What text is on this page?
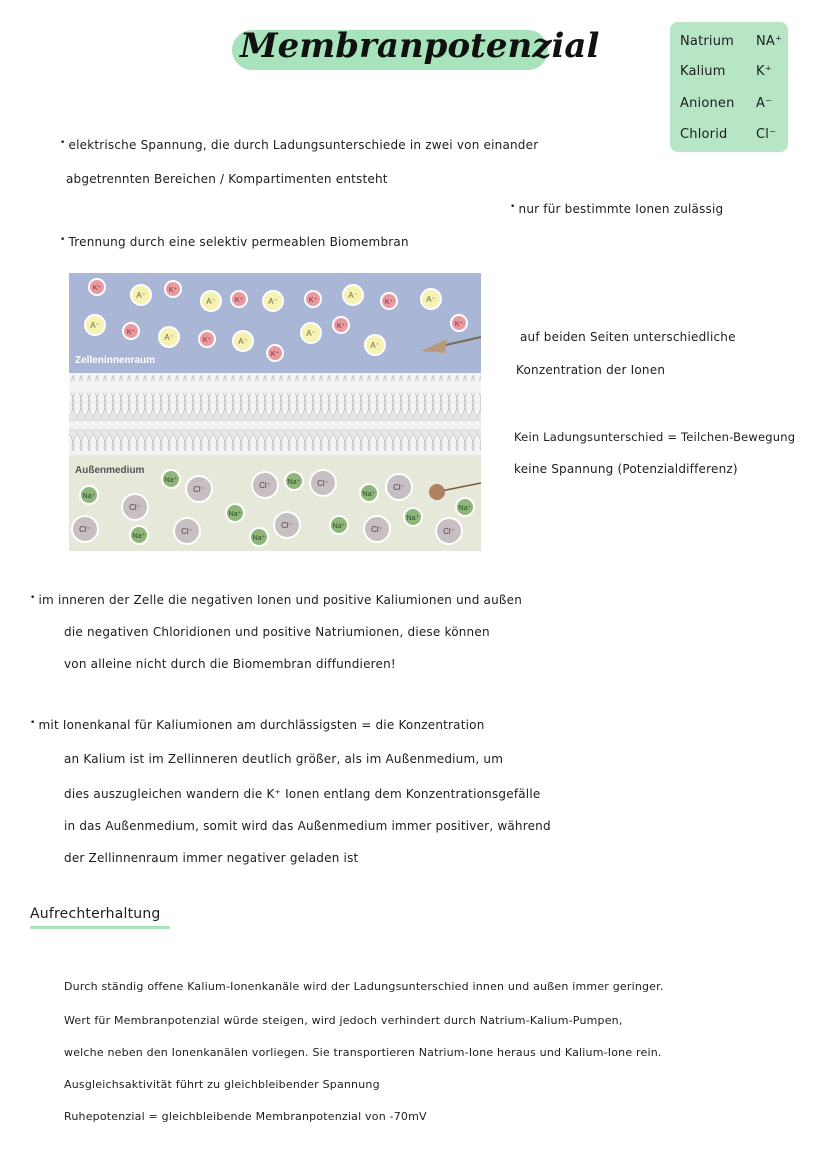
Membranpotenzial	Natrium NA⁺
Kalium K⁺
Anionen A⁻
Chlorid Cl⁻
• elektrische Spannung, die durch Ladungsunterschiede in zwei von einander
abgetrennten Bereichen / Kompartimenten entsteht
• nur für bestimmte Ionen zulässig
• Trennung durch eine selektiv permeablen Biomembran
Zelleninnenraum
Außenmedium
K⁺
A⁻
K⁺
A⁻	K⁺	A⁻	K⁺
A⁻
K⁺	A⁻
K⁺
A⁻
K⁺
A⁻	K⁺	A⁻
K⁺
A⁻
K⁺
A⁻
Na⁺
Cl⁻
Na⁺
Cl⁻
Na⁺
Na⁺
Cl⁻
Cl⁻ Na⁺
Na⁺
Cl⁻
Cl⁻	Na⁺
Cl⁻
Na⁺
Cl⁻
Na⁺
Cl⁻
Cl⁻
Na⁺
auf beiden Seiten unterschiedliche
Konzentration der Ionen
Kein Ladungsunterschied = Teilchen-Bewegung
keine Spannung (Potenzialdifferenz)
• im inneren der Zelle die negativen Ionen und positive Kaliumionen und außen
die negativen Chloridionen und positive Natriumionen, diese können
von alleine nicht durch die Biomembran diffundieren!
• mit Ionenkanal für Kaliumionen am durchlässigsten = die Konzentration
an Kalium ist im Zellinneren deutlich größer, als im Außenmedium, um
dies auszugleichen wandern die K⁺ Ionen entlang dem Konzentrationsgefälle
in das Außenmedium, somit wird das Außenmedium immer positiver, während
der Zellinnenraum immer negativer geladen ist
Aufrechterhaltung
Durch ständig offene Kalium-Ionenkanäle wird der Ladungsunterschied innen und außen immer geringer.
Wert für Membranpotenzial würde steigen, wird jedoch verhindert durch Natrium-Kalium-Pumpen,
welche neben den Ionenkanälen vorliegen. Sie transportieren Natrium-Ione heraus und Kalium-Ione rein.
Ausgleichsaktivität führt zu gleichbleibender Spannung
Ruhepotenzial = gleichbleibende Membranpotenzial von -70mV
